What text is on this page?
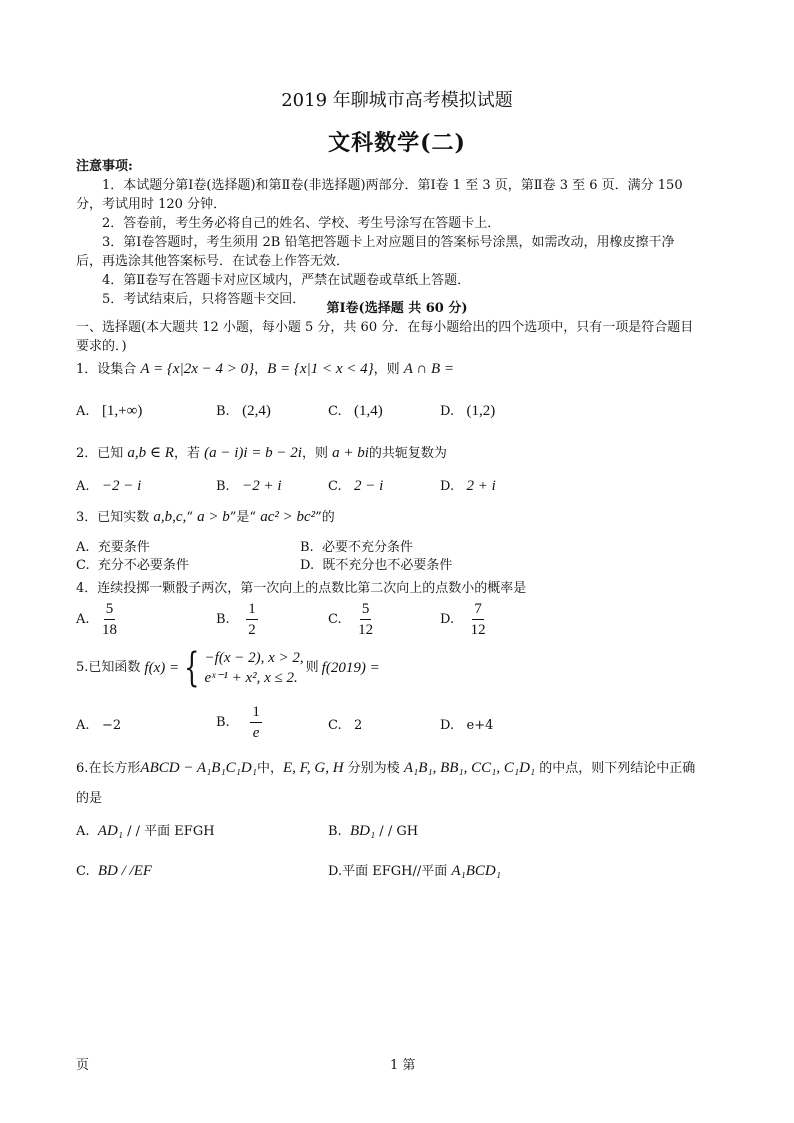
2019 年聊城市高考模拟试题
文科数学(二)
注意事项:
1．本试题分第Ⅰ卷(选择题)和第Ⅱ卷(非选择题)两部分．第Ⅰ卷 1 至 3 页，第Ⅱ卷 3 至 6 页．满分 150
分，考试用时 120 分钟．
2．答卷前，考生务必将自己的姓名、学校、考生号涂写在答题卡上．
3．第Ⅰ卷答题时，考生须用 2B 铅笔把答题卡上对应题目的答案标号涂黑，如需改动，用橡皮擦干净
后，再选涂其他答案标号．在试卷上作答无效．
4．第Ⅱ卷写在答题卡对应区域内，严禁在试题卷或草纸上答题．
5．考试结束后，只将答题卡交回．
第Ⅰ卷(选择题 共 60 分)
一、选择题(本大题共 12 小题，每小题 5 分，共 60 分．在每小题给出的四个选项中，只有一项是符合题目
要求的．)
1．设集合 A = {x|2x − 4 > 0}，B = {x|1 < x < 4}，则 A ∩ B =
A. [1,+∞)	B. (2,4)	C. (1,4)	D. (1,2)
2．已知 a,b ∈ R，若 (a − i)i = b − 2i，则 a + bi的共轭复数为
A. −2 − i	B. −2 + i	C. 2 − i	D. 2 + i
3．已知实数 a,b,c,“ a > b”是“ ac² > bc²”的
A. 充要条件	B. 必要不充分条件
C. 充分不必要条件	D. 既不充分也不必要条件
4．连续投掷一颗骰子两次，第一次向上的点数比第二次向上的点数小的概率是
A. $\frac{5}{18}$	B. $\frac{1}{2}$	C. $\frac{5}{12}$	D. $\frac{7}{12}$
5.已知函数 f(x) = { −f(x − 2), x > 2,
eˣ⁻¹ + x², x ≤ 2.
则 f(2019) =
A. −2	B. $\frac{1}{e}$	C. 2	D. e+4
6.在长方形ABCD − A₁B₁C₁D₁中，E, F, G, H 分别为棱 A₁B₁, BB₁, CC₁, C₁D₁ 的中点，则下列结论中正确
的是
A. AD₁ / / 平面 EFGH	B. BD₁ / / GH
C. BD / /EF	D.平面 EFGH//平面 A₁BCD₁
页	1 第
